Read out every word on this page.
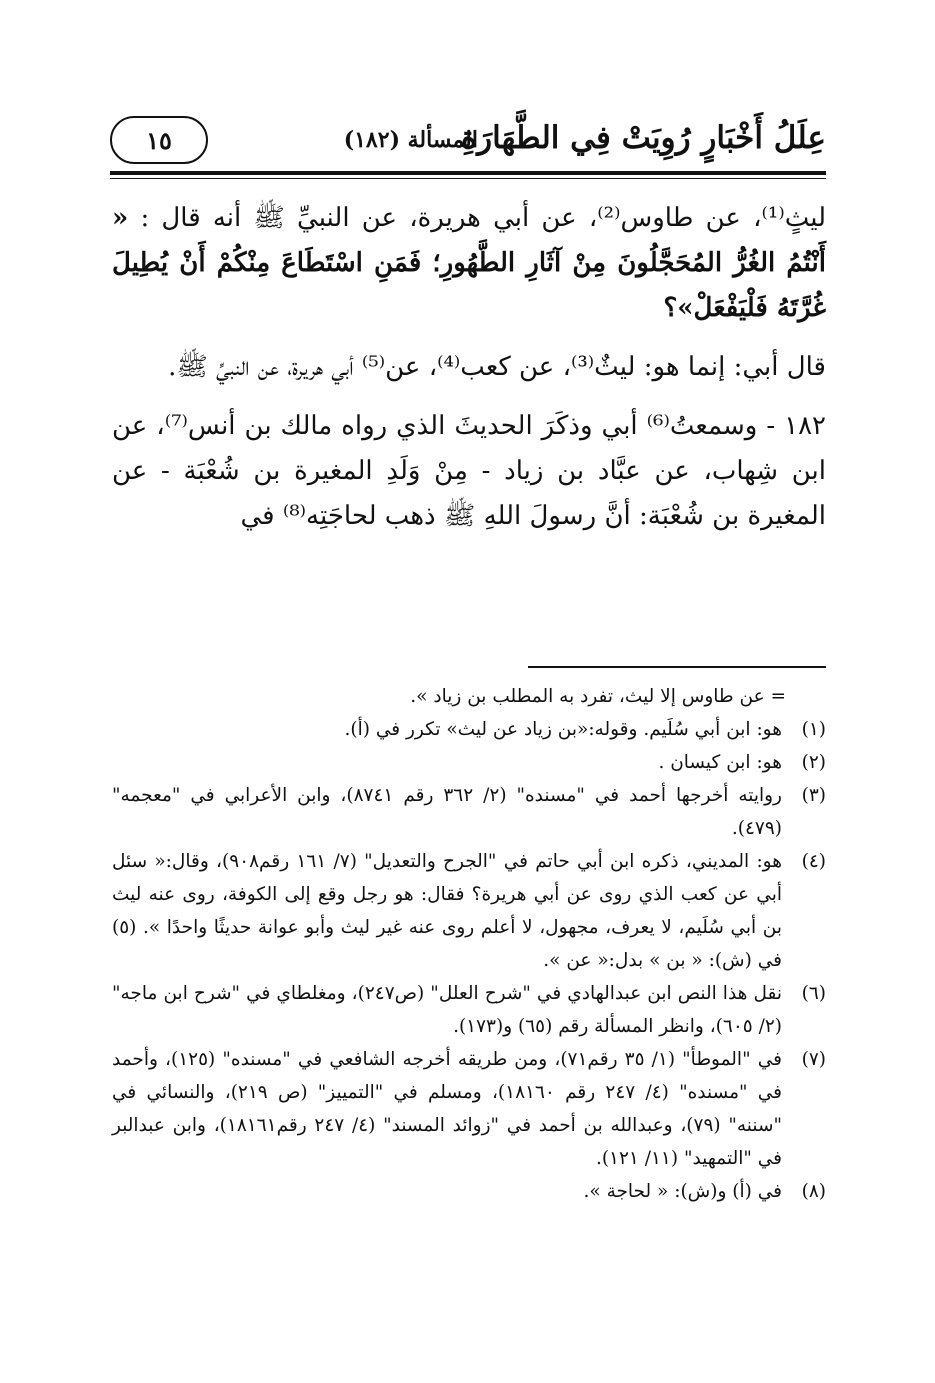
عِلَلُ أَخْبَارٍ رُوِيَتْ فِي الطَّهَارَةِ
المسألة (١٨٢)
١٥

ليثٍ⁽¹⁾، عن طاوس⁽²⁾، عن أبي هريرة، عن النبيِّ ﷺ أنه قال : « أَنْتُمُ الغُرُّ المُحَجَّلُونَ مِنْ آثَارِ الطَّهُورِ؛ فَمَنِ اسْتَطَاعَ مِنْكُمْ أَنْ يُطِيلَ غُرَّتَهُ فَلْيَفْعَلْ»؟

قال أبي: إنما هو: ليثٌ⁽³⁾، عن كعب⁽⁴⁾، عن⁽⁵⁾ أبي هريرة، عن النبيِّ ﷺ.

١٨٢ - وسمعتُ⁽⁶⁾ أبي وذكَرَ الحديثَ الذي رواه مالك بن أنس⁽⁷⁾، عن ابن شِهاب، عن عبَّاد بن زياد - مِنْ وَلَدِ المغيرة بن شُعْبَة - عن المغيرة بن شُعْبَة: أنَّ رسولَ اللهِ ﷺ ذهب لحاجَتِه⁽⁸⁾ في

= عن طاوس إلا ليث، تفرد به المطلب بن زياد ».

(١)
هو: ابن أبي سُلَيم. وقوله:«بن زياد عن ليث» تكرر في (أ).
(٢)
هو: ابن كيسان .
(٣)
روايته أخرجها أحمد في "مسنده" (٢/ ٣٦٢ رقم ٨٧٤١)، وابن الأعرابي في "معجمه" (٤٧٩).
(٤)
هو: المديني، ذكره ابن أبي حاتم في "الجرح والتعديل" (٧/ ١٦١ رقم٩٠٨)، وقال:« سئل أبي عن كعب الذي روى عن أبي هريرة؟ فقال: هو رجل وقع إلى الكوفة، روى عنه ليث بن أبي سُلَيم، لا يعرف، مجهول، لا أعلم روى عنه غير ليث وأبو عوانة حديثًا واحدًا ». (٥) في (ش): « بن » بدل:« عن ».
(٦)
نقل هذا النص ابن عبدالهادي في "شرح العلل" (ص٢٤٧)، ومغلطاي في "شرح ابن ماجه" (٢/ ٦٠٥)، وانظر المسألة رقم (٦٥) و(١٧٣).
(٧)
في "الموطأ" (١/ ٣٥ رقم٧١)، ومن طريقه أخرجه الشافعي في "مسنده" (١٢٥)، وأحمد في "مسنده" (٤/ ٢٤٧ رقم ١٨١٦٠)، ومسلم في "التمييز" (ص ٢١٩)، والنسائي في "سننه" (٧٩)، وعبدالله بن أحمد في "زوائد المسند" (٤/ ٢٤٧ رقم١٨١٦١)، وابن عبدالبر في "التمهيد" (١١/ ١٢١).
(٨)
في (أ) و(ش): « لحاجة ».
